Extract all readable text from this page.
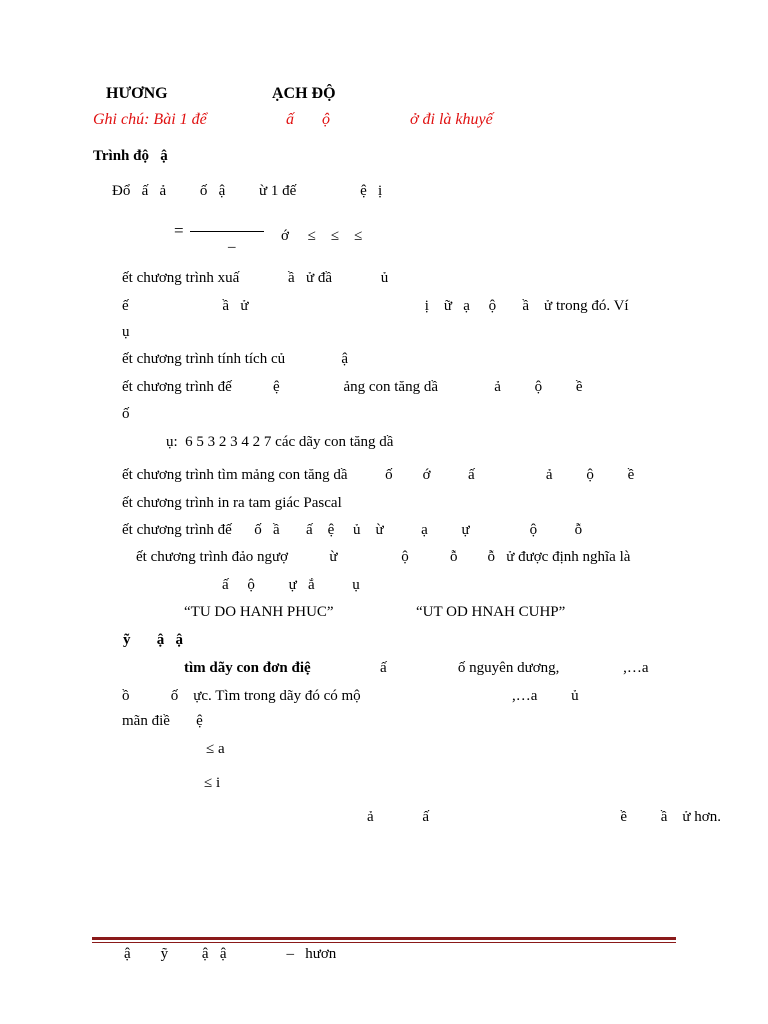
HƯƠNG	ẠCH ĐỘ
Ghi chú: Bài 1 để	ấ ộ	ở đi là khuyế
Trình độ   ậ
Đổ   ấ   ả         ố   ậ         ừ 1 đế                 ệ   ị
=
_	ớ     ≤    ≤    ≤
ết chương trình xuấ             ầ   ử đầ             ủ
ế                         ầ   ử                                               ị    ữ   ạ     ộ       ầ    ử trong đó. Ví
ụ
ết chương trình tính tích củ               ậ
ết chương trình đế           ệ                 ảng con tăng dầ               ả         ộ         ề
ố
ụ:  6 5 3 2 3 4 2 7 các dãy con tăng dầ
ết chương trình tìm mảng con tăng dầ          ố        ớ          ấ                   ả         ộ         ề
ết chương trình in ra tam giác Pascal
ết chương trình đế      ố   ầ       ấ    ệ     ủ    ừ          ạ         ự                ộ          ỗ
ết chương trình đảo ngượ           ừ                 ộ           ỗ        ỗ   ử được định nghĩa là
ấ     ộ         ự   ắ          ụ
“TU DO HANH PHUC”	“UT OD HNAH CUHP”
ỹ       ậ   ậ
tìm dãy con đơn điệ	ấ                   ố nguyên dương,                 ,…a
ồ           ố    ực. Tìm trong dãy đó có mộ	,…a         ủ
mãn điề       ệ
≤ a
≤ i
ả             ấ                                                   ề         ầ    ử hơn.
ậ        ỹ         ậ   ậ                –   hươn
